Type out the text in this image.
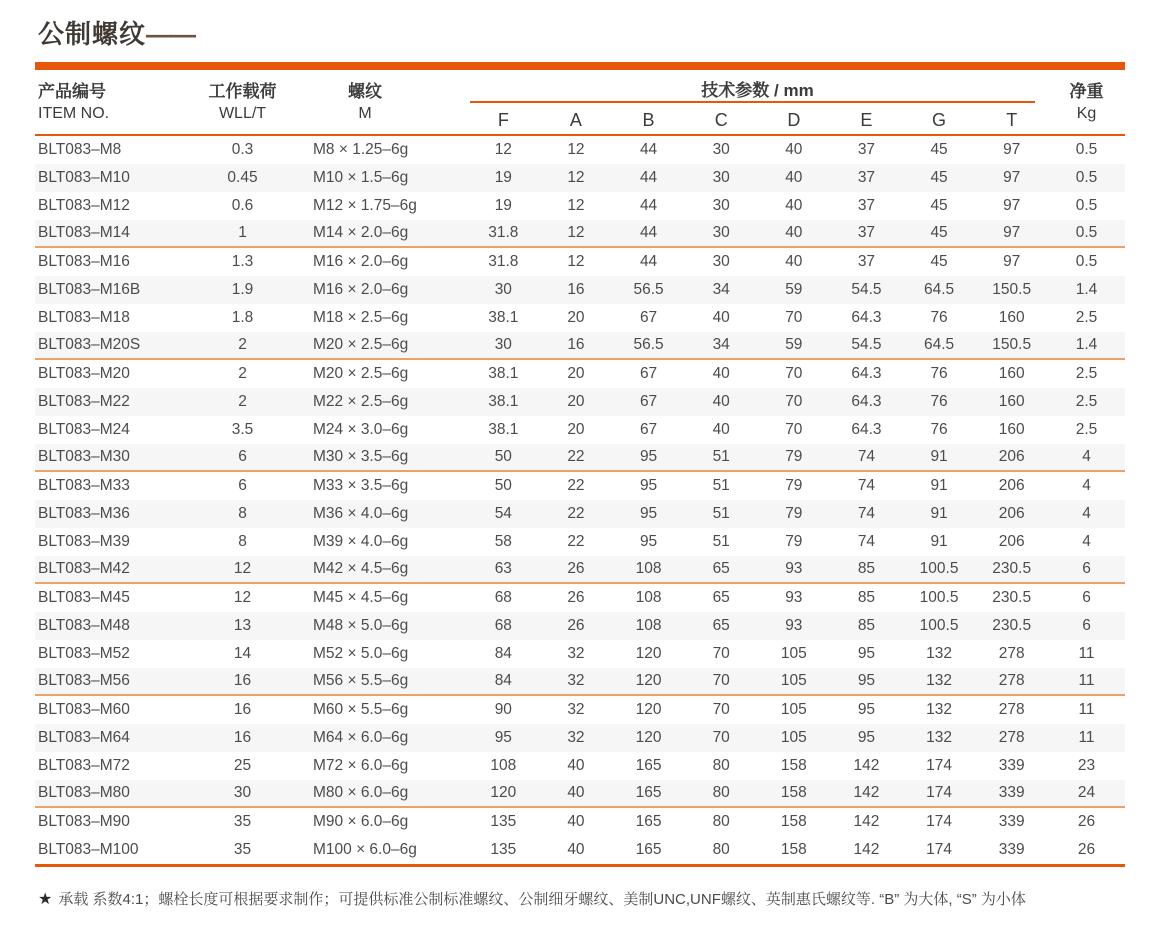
公制螺纹——
产品编号
ITEM NO.
工作载荷
WLL/T
螺纹
M
技术参数 / mm
F	A	B	C	D	E	G	T
净重
Kg
BLT083–M8	0.3	M8 × 1.25–6g	12	12	44	30	40	37	45	97	0.5
BLT083–M10	0.45	M10 × 1.5–6g	19	12	44	30	40	37	45	97	0.5
BLT083–M12	0.6	M12 × 1.75–6g	19	12	44	30	40	37	45	97	0.5
BLT083–M14	1	M14 × 2.0–6g	31.8	12	44	30	40	37	45	97	0.5
BLT083–M16	1.3	M16 × 2.0–6g	31.8	12	44	30	40	37	45	97	0.5
BLT083–M16B	1.9	M16 × 2.0–6g	30	16	56.5	34	59	54.5	64.5	150.5	1.4
BLT083–M18	1.8	M18 × 2.5–6g	38.1	20	67	40	70	64.3	76	160	2.5
BLT083–M20S	2	M20 × 2.5–6g	30	16	56.5	34	59	54.5	64.5	150.5	1.4
BLT083–M20	2	M20 × 2.5–6g	38.1	20	67	40	70	64.3	76	160	2.5
BLT083–M22	2	M22 × 2.5–6g	38.1	20	67	40	70	64.3	76	160	2.5
BLT083–M24	3.5	M24 × 3.0–6g	38.1	20	67	40	70	64.3	76	160	2.5
BLT083–M30	6	M30 × 3.5–6g	50	22	95	51	79	74	91	206	4
BLT083–M33	6	M33 × 3.5–6g	50	22	95	51	79	74	91	206	4
BLT083–M36	8	M36 × 4.0–6g	54	22	95	51	79	74	91	206	4
BLT083–M39	8	M39 × 4.0–6g	58	22	95	51	79	74	91	206	4
BLT083–M42	12	M42 × 4.5–6g	63	26	108	65	93	85	100.5	230.5	6
BLT083–M45	12	M45 × 4.5–6g	68	26	108	65	93	85	100.5	230.5	6
BLT083–M48	13	M48 × 5.0–6g	68	26	108	65	93	85	100.5	230.5	6
BLT083–M52	14	M52 × 5.0–6g	84	32	120	70	105	95	132	278	11
BLT083–M56	16	M56 × 5.5–6g	84	32	120	70	105	95	132	278	11
BLT083–M60	16	M60 × 5.5–6g	90	32	120	70	105	95	132	278	11
BLT083–M64	16	M64 × 6.0–6g	95	32	120	70	105	95	132	278	11
BLT083–M72	25	M72 × 6.0–6g	108	40	165	80	158	142	174	339	23
BLT083–M80	30	M80 × 6.0–6g	120	40	165	80	158	142	174	339	24
BLT083–M90	35	M90 × 6.0–6g	135	40	165	80	158	142	174	339	26
BLT083–M100	35	M100 × 6.0–6g	135	40	165	80	158	142	174	339	26
★ 承载 系数4:1；螺栓长度可根据要求制作；可提供标准公制标准螺纹、公制细牙螺纹、美制UNC,UNF螺纹、英制惠氏螺纹等. “B” 为大体, “S” 为小体
